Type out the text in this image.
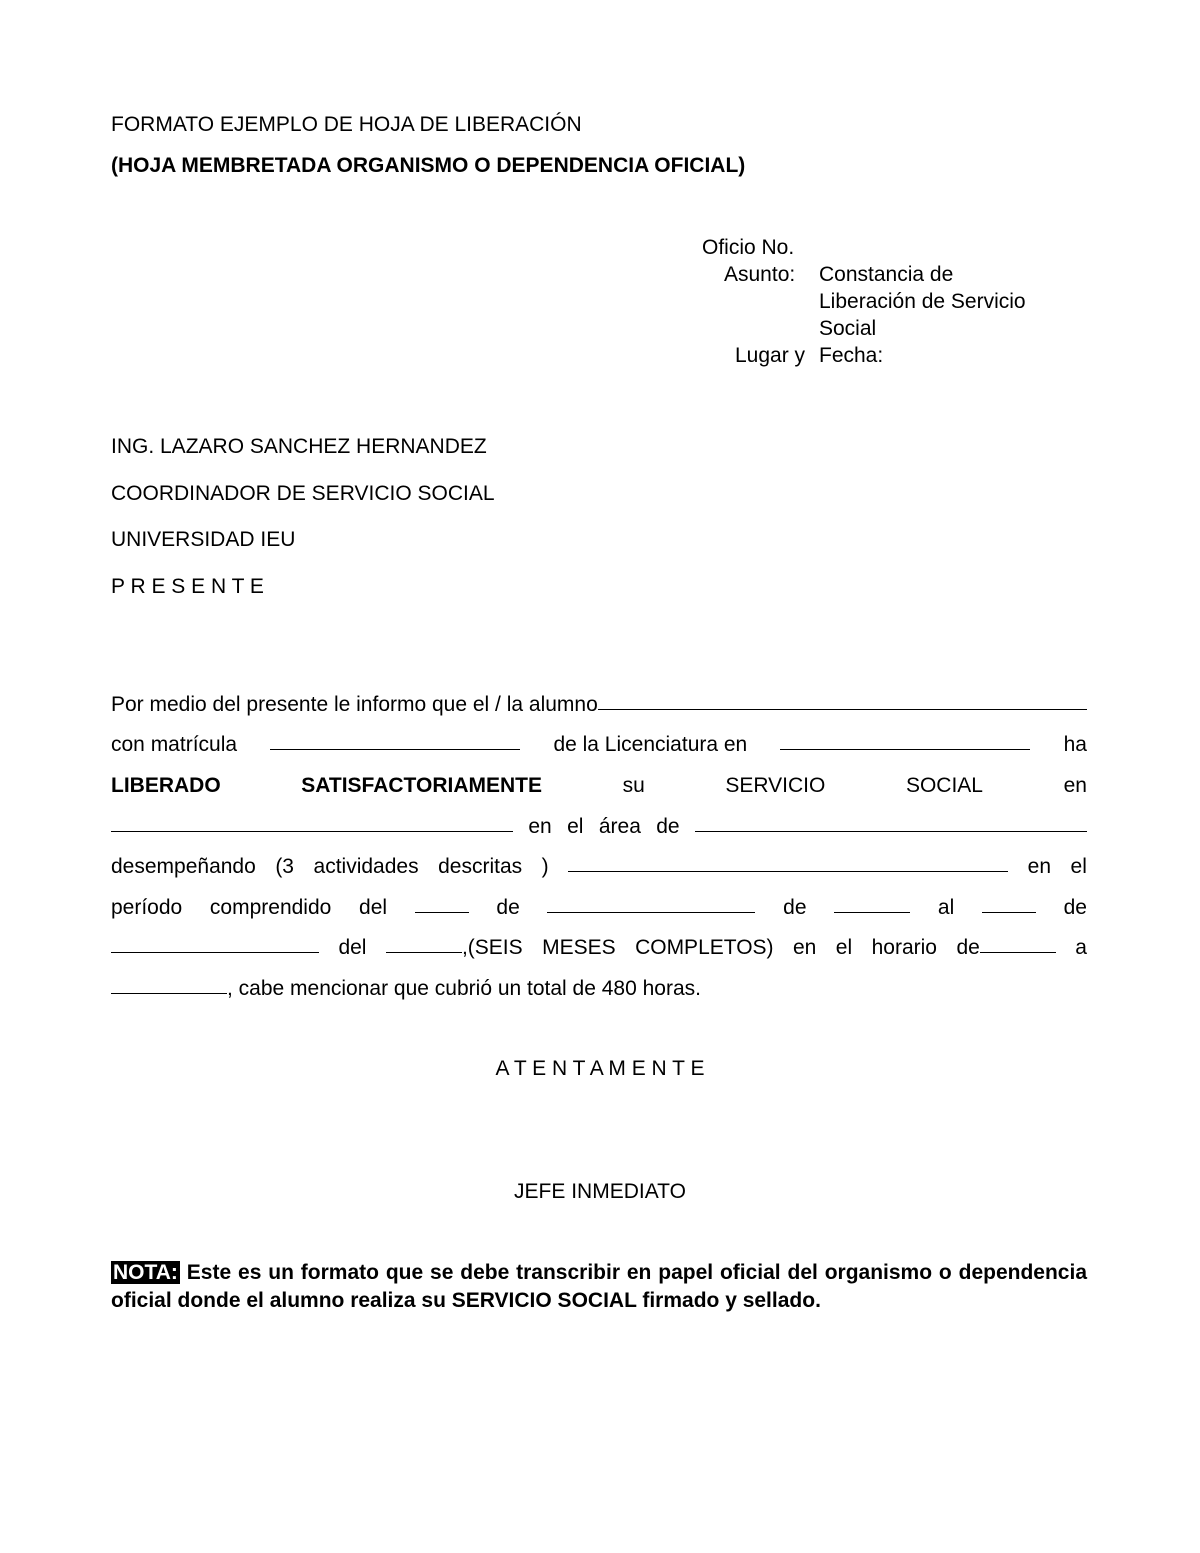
FORMATO EJEMPLO DE HOJA DE LIBERACIÓN
(HOJA MEMBRETADA ORGANISMO O DEPENDENCIA OFICIAL)
Oficio No.
Asunto: Constancia de
Liberación de Servicio
Social
Lugar y Fecha:
ING. LAZARO SANCHEZ HERNANDEZ
COORDINADOR DE SERVICIO SOCIAL
UNIVERSIDAD IEU
P R E S E N T E
Por medio del presente le informo que el / la alumno
con matrícula	de la Licenciatura en	ha
LIBERADO	SATISFACTORIAMENTE	su	SERVICIO	SOCIAL	en
en el área de
desempeñando (3 actividades descritas )	en el
período comprendido del	de	de	al	de
del	,(SEIS MESES COMPLETOS) en el horario de	a
, cabe mencionar que cubrió un total de 480 horas.
A T E N T A M E N T E
JEFE INMEDIATO
NOTA: Este es un formato que se debe transcribir en papel oficial del organismo o dependencia oficial donde el alumno realiza su SERVICIO SOCIAL firmado y sellado.
